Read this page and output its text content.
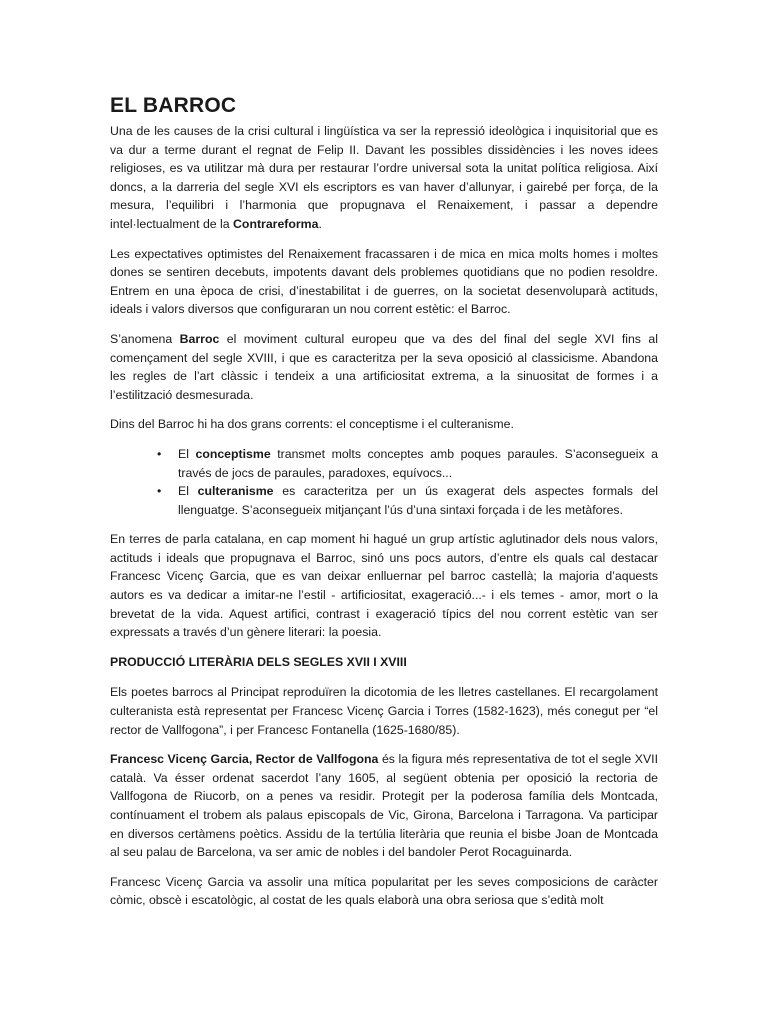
EL BARROC

Una de les causes de la crisi cultural i lingüística va ser la repressió ideològica i inquisitorial que es va dur a terme durant el regnat de Felip II. Davant les possibles dissidències i les noves idees religioses, es va utilitzar mà dura per restaurar l’ordre universal sota la unitat política religiosa. Així doncs, a la darreria del segle XVI els escriptors es van haver d’allunyar, i gairebé per força, de la mesura, l’equilibri i l’harmonia que propugnava el Renaixement, i passar a dependre intel·lectualment de la Contrareforma.

Les expectatives optimistes del Renaixement fracassaren i de mica en mica molts homes i moltes dones se sentiren decebuts, impotents davant dels problemes quotidians que no podien resoldre. Entrem en una època de crisi, d’inestabilitat i de guerres, on la societat desenvoluparà actituds, ideals i valors diversos que configuraran un nou corrent estètic: el Barroc.

S’anomena Barroc el moviment cultural europeu que va des del final del segle XVI fins al començament del segle XVIII, i que es caracteritza per la seva oposició al classicisme. Abandona les regles de l’art clàssic i tendeix a una artificiositat extrema, a la sinuositat de formes i a l’estilització desmesurada.

Dins del Barroc hi ha dos grans corrents: el conceptisme i el culteranisme.

• El conceptisme transmet molts conceptes amb poques paraules. S’aconsegueix a través de jocs de paraules, paradoxes, equívocs...
• El culteranisme es caracteritza per un ús exagerat dels aspectes formals del llenguatge. S’aconsegueix mitjançant l’ús d’una sintaxi forçada i de les metàfores.

En terres de parla catalana, en cap moment hi hagué un grup artístic aglutinador dels nous valors, actituds i ideals que propugnava el Barroc, sinó uns pocs autors, d’entre els quals cal destacar Francesc Vicenç Garcia, que es van deixar enlluernar pel barroc castellà; la majoria d’aquests autors es va dedicar a imitar-ne l’estil - artificiositat, exageració...- i els temes - amor, mort o la brevetat de la vida. Aquest artifici, contrast i exageració típics del nou corrent estètic van ser expressats a través d’un gènere literari: la poesia.

PRODUCCIÓ LITERÀRIA DELS SEGLES XVII I XVIII

Els poetes barrocs al Principat reproduïren la dicotomia de les lletres castellanes. El recargolament culteranista està representat per Francesc Vicenç Garcia i Torres (1582-1623), més conegut per “el rector de Vallfogona”, i per Francesc Fontanella (1625-1680/85).

Francesc Vicenç Garcia, Rector de Vallfogona és la figura més representativa de tot el segle XVII català. Va ésser ordenat sacerdot l’any 1605, al següent obtenia per oposició la rectoria de Vallfogona de Riucorb, on a penes va residir. Protegit per la poderosa família dels Montcada, contínuament el trobem als palaus episcopals de Vic, Girona, Barcelona i Tarragona. Va participar en diversos certàmens poètics. Assidu de la tertúlia literària que reunia el bisbe Joan de Montcada al seu palau de Barcelona, va ser amic de nobles i del bandoler Perot Rocaguinarda.

Francesc Vicenç Garcia va assolir una mítica popularitat per les seves composicions de caràcter còmic, obscè i escatològic, al costat de les quals elaborà una obra seriosa que s’edità molt
